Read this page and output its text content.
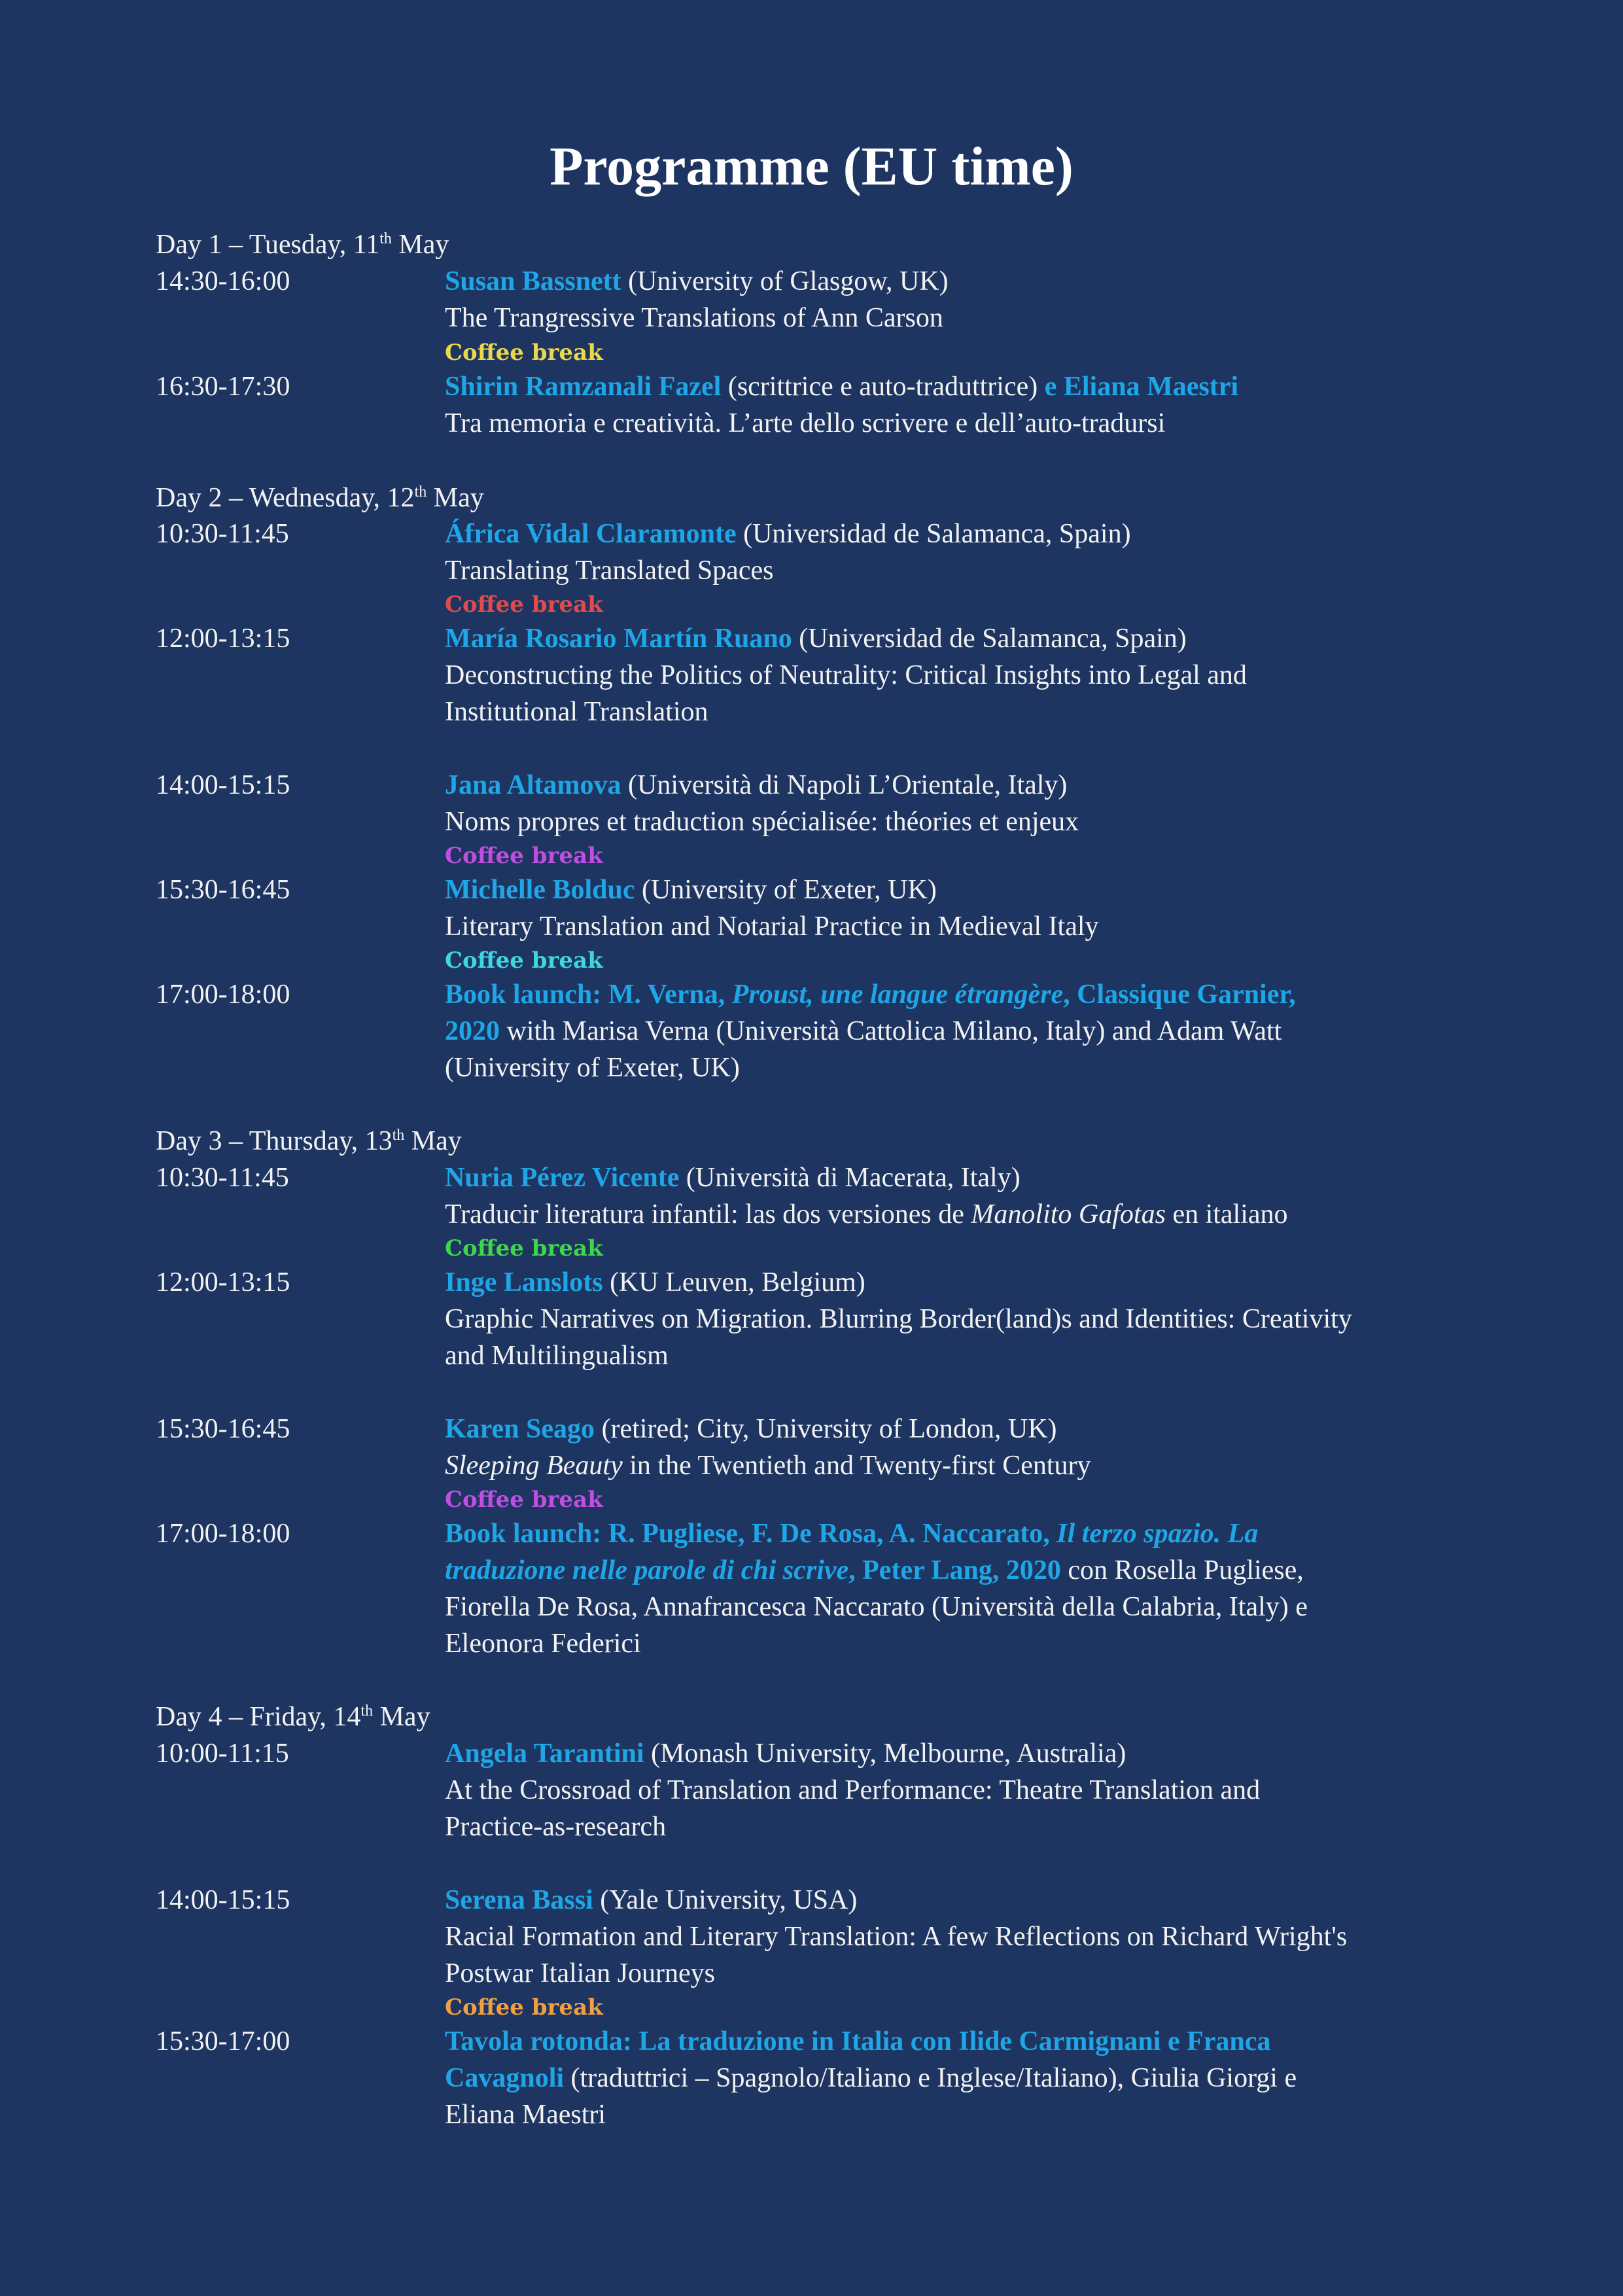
Programme (EU time)
Day 1 – Tuesday, 11th May
14:30-16:00	Susan Bassnett (University of Glasgow, UK)
The Trangressive Translations of Ann Carson
Coffee break
16:30-17:30	Shirin Ramzanali Fazel (scrittrice e auto-traduttrice) e Eliana Maestri
Tra memoria e creatività. L’arte dello scrivere e dell’auto-tradursi
Day 2 – Wednesday, 12th May
10:30-11:45	África Vidal Claramonte (Universidad de Salamanca, Spain)
Translating Translated Spaces
Coffee break
12:00-13:15	María Rosario Martín Ruano (Universidad de Salamanca, Spain)
Deconstructing the Politics of Neutrality: Critical Insights into Legal and
Institutional Translation
14:00-15:15	Jana Altamova (Università di Napoli L’Orientale, Italy)
Noms propres et traduction spécialisée: théories et enjeux
Coffee break
15:30-16:45	Michelle Bolduc (University of Exeter, UK)
Literary Translation and Notarial Practice in Medieval Italy
Coffee break
17:00-18:00	Book launch: M. Verna, Proust, une langue étrangère, Classique Garnier,
2020 with Marisa Verna (Università Cattolica Milano, Italy) and Adam Watt
(University of Exeter, UK)
Day 3 – Thursday, 13th May
10:30-11:45	Nuria Pérez Vicente (Università di Macerata, Italy)
Traducir literatura infantil: las dos versiones de Manolito Gafotas en italiano
Coffee break
12:00-13:15	Inge Lanslots (KU Leuven, Belgium)
Graphic Narratives on Migration. Blurring Border(land)s and Identities: Creativity
and Multilingualism
15:30-16:45	Karen Seago (retired; City, University of London, UK)
Sleeping Beauty in the Twentieth and Twenty-first Century
Coffee break
17:00-18:00	Book launch: R. Pugliese, F. De Rosa, A. Naccarato, Il terzo spazio. La
traduzione nelle parole di chi scrive, Peter Lang, 2020 con Rosella Pugliese,
Fiorella De Rosa, Annafrancesca Naccarato (Università della Calabria, Italy) e
Eleonora Federici
Day 4 – Friday, 14th May
10:00-11:15	Angela Tarantini (Monash University, Melbourne, Australia)
At the Crossroad of Translation and Performance: Theatre Translation and
Practice-as-research
14:00-15:15	Serena Bassi (Yale University, USA)
Racial Formation and Literary Translation: A few Reflections on Richard Wright's
Postwar Italian Journeys
Coffee break
15:30-17:00	Tavola rotonda: La traduzione in Italia con Ilide Carmignani e Franca
Cavagnoli (traduttrici – Spagnolo/Italiano e Inglese/Italiano), Giulia Giorgi e
Eliana Maestri
